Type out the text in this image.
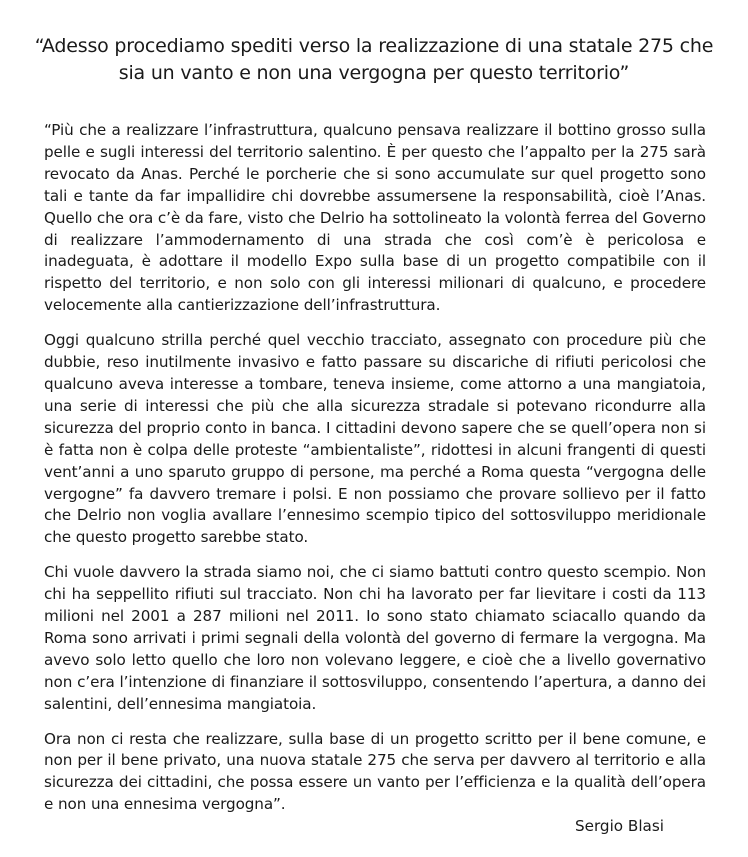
“Adesso procediamo spediti verso la realizzazione di una statale 275 che
sia un vanto e non una vergogna per questo territorio”

“Più che a realizzare l’infrastruttura, qualcuno pensava realizzare il bottino grosso sulla pelle e sugli interessi del territorio salentino. È per questo che l’appalto per la 275 sarà revocato da Anas. Perché le porcherie che si sono accumulate sur quel progetto sono tali e tante da far impallidire chi dovrebbe assumersene la responsabilità, cioè l’Anas. Quello che ora c’è da fare, visto che Delrio ha sottolineato la volontà ferrea del Governo di realizzare l’ammodernamento di una strada che così com’è è pericolosa e inadeguata, è adottare il modello Expo sulla base di un progetto compatibile con il rispetto del territorio, e non solo con gli interessi milionari di qualcuno, e procedere velocemente alla cantierizzazione dell’infrastruttura.

Oggi qualcuno strilla perché quel vecchio tracciato, assegnato con procedure più che dubbie, reso inutilmente invasivo e fatto passare su discariche di rifiuti pericolosi che qualcuno aveva interesse a tombare, teneva insieme, come attorno a una mangiatoia, una serie di interessi che più che alla sicurezza stradale si potevano ricondurre alla sicurezza del proprio conto in banca. I cittadini devono sapere che se quell’opera non si è fatta non è colpa delle proteste “ambientaliste”, ridottesi in alcuni frangenti di questi vent’anni a uno sparuto gruppo di persone, ma perché a Roma questa “vergogna delle vergogne” fa davvero tremare i polsi. E non possiamo che provare sollievo per il fatto che Delrio non voglia avallare l’ennesimo scempio tipico del sottosviluppo meridionale che questo progetto sarebbe stato.

Chi vuole davvero la strada siamo noi, che ci siamo battuti contro questo scempio. Non chi ha seppellito rifiuti sul tracciato. Non chi ha lavorato per far lievitare i costi da 113 milioni nel 2001 a 287 milioni nel 2011. Io sono stato chiamato sciacallo quando da Roma sono arrivati i primi segnali della volontà del governo di fermare la vergogna. Ma avevo solo letto quello che loro non volevano leggere, e cioè che a livello governativo non c’era l’intenzione di finanziare il sottosviluppo, consentendo l’apertura, a danno dei salentini, dell’ennesima mangiatoia.

Ora non ci resta che realizzare, sulla base di un progetto scritto per il bene comune, e non per il bene privato, una nuova statale 275 che serva per davvero al territorio e alla sicurezza dei cittadini, che possa essere un vanto per l’efficienza e la qualità dell’opera e non una ennesima vergogna”.

Sergio Blasi
